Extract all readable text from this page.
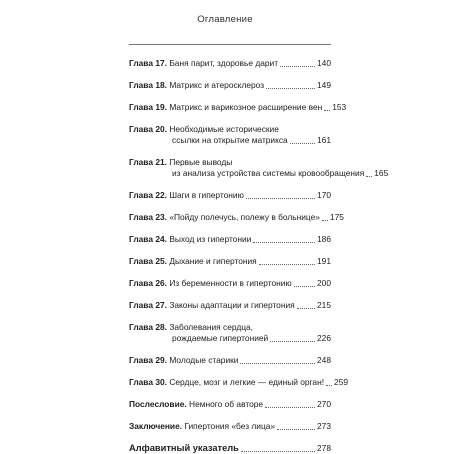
Оглавление
Глава 17. Баня парит, здоровье дарит	140
Глава 18. Матрикс и атеросклероз	149
Глава 19. Матрикс и варикозное расширение вен 153
Глава 20. Необходимые исторические
ссылки на открытие матрикса	161
Глава 21. Первые выводы
из анализа устройства системы кровообращения 165
Глава 22. Шаги в гипертонию	170
Глава 23. «Пойду полечусь, полежу в больнице» 175
Глава 24. Выход из гипертонии	186
Глава 25. Дыхание и гипертония	191
Глава 26. Из беременности в гипертонию	200
Глава 27. Законы адаптации и гипертония	215
Глава 28. Заболевания сердца,
рождаемые гипертонией	226
Глава 29. Молодые старики	248
Глава 30. Сердце, мозг и легкие — единый орган! 259
Послесловие. Немного об авторе	270
Заключение. Гипертония «без лица»	273
Алфавитный указатель	278
